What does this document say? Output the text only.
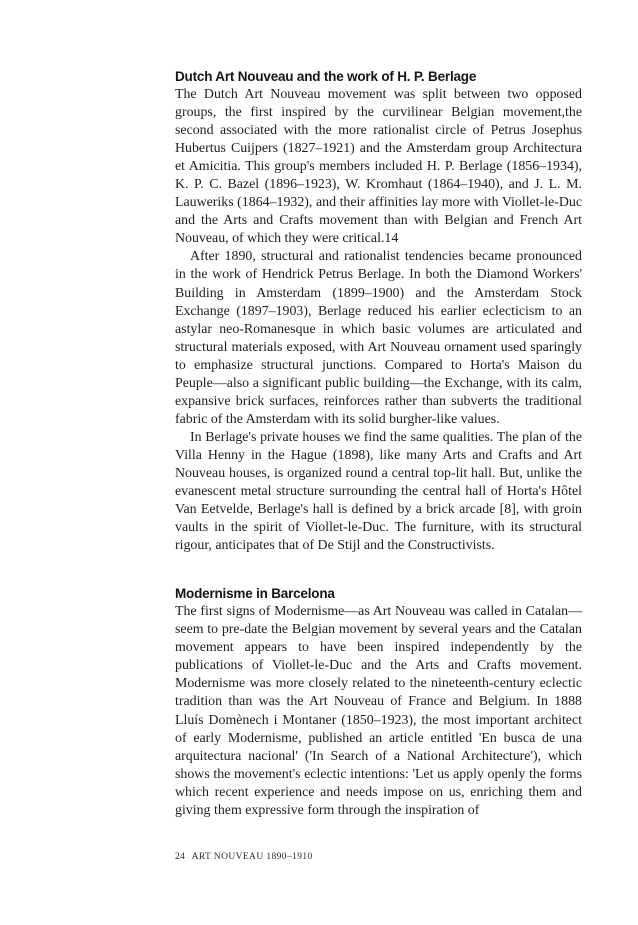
Dutch Art Nouveau and the work of H. P. Berlage

The Dutch Art Nouveau movement was split between two opposed groups, the first inspired by the curvilinear Belgian movement,the second associated with the more rationalist circle of Petrus Josephus Hubertus Cuijpers (1827–1921) and the Amsterdam group Architectura et Amicitia. This group's members included H. P. Berlage (1856–1934), K. P. C. Bazel (1896–1923), W. Kromhaut (1864–1940), and J. L. M. Lauweriks (1864–1932), and their affinities lay more with Viollet-le-Duc and the Arts and Crafts movement than with Belgian and French Art Nouveau, of which they were critical.14

After 1890, structural and rationalist tendencies became pronounced in the work of Hendrick Petrus Berlage. In both the Diamond Workers' Building in Amsterdam (1899–1900) and the Amsterdam Stock Exchange (1897–1903), Berlage reduced his earlier eclecticism to an astylar neo-Romanesque in which basic volumes are articulated and structural materials exposed, with Art Nouveau ornament used sparingly to emphasize structural junctions. Compared to Horta's Maison du Peuple—also a significant public building—the Exchange, with its calm, expansive brick surfaces, reinforces rather than subverts the traditional fabric of the Amsterdam with its solid burgher-like values.

In Berlage's private houses we find the same qualities. The plan of the Villa Henny in the Hague (1898), like many Arts and Crafts and Art Nouveau houses, is organized round a central top-lit hall. But, unlike the evanescent metal structure surrounding the central hall of Horta's Hôtel Van Eetvelde, Berlage's hall is defined by a brick arcade [8], with groin vaults in the spirit of Viollet-le-Duc. The furniture, with its structural rigour, anticipates that of De Stijl and the Constructivists.

Modernisme in Barcelona

The first signs of Modernisme—as Art Nouveau was called in Catalan—seem to pre-date the Belgian movement by several years and the Catalan movement appears to have been inspired independently by the publications of Viollet-le-Duc and the Arts and Crafts movement. Modernisme was more closely related to the nineteenth-century eclectic tradition than was the Art Nouveau of France and Belgium. In 1888 Lluís Domènech i Montaner (1850–1923), the most important architect of early Modernisme, published an article entitled 'En busca de una arquitectura nacional' ('In Search of a National Architecture'), which shows the movement's eclectic intentions: 'Let us apply openly the forms which recent experience and needs impose on us, enriching them and giving them expressive form through the inspiration of

24 ART NOUVEAU 1890–1910
